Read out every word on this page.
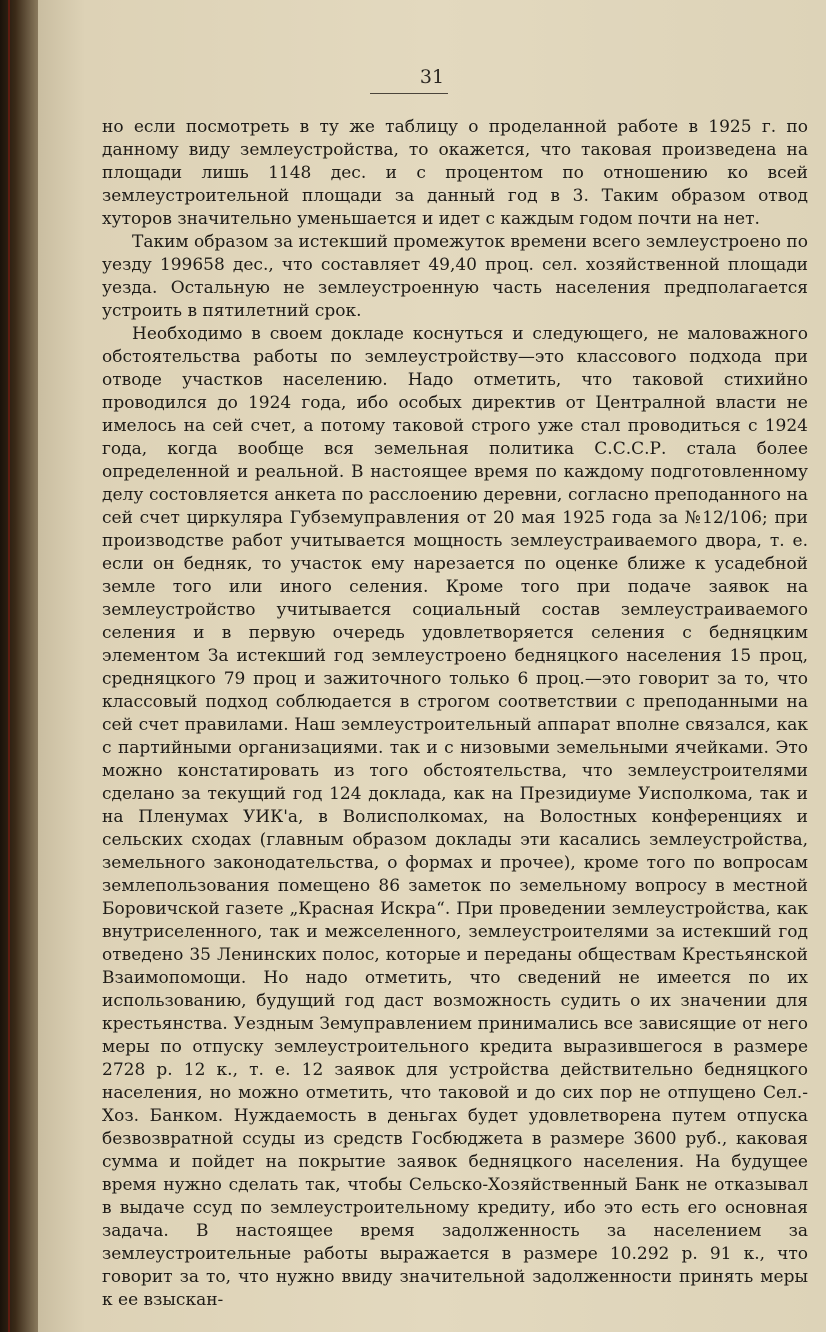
31

но если посмотреть в ту же таблицу о проделанной работе в 1925 г. по данному виду землеустройства, то окажется, что таковая произведена на площади лишь 1148 дес. и с процентом по отношению ко всей землеустроительной площади за данный год в 3. Таким образом отвод хуторов значительно уменьшается и идет с каждым годом почти на нет.

Таким образом за истекший промежуток времени всего землеустроено по уезду 199658 дес., что составляет 49,40 проц. сел. хозяйственной площади уезда. Остальную не землеустроенную часть населения предполагается устроить в пятилетний срок.

Необходимо в своем докладе коснуться и следующего, не маловажного обстоятельства работы по землеустройству—это классового подхода при отводе участков населению. Надо отметить, что таковой стихийно проводился до 1924 года, ибо особых директив от Централной власти не имелось на сей счет, а потому таковой строго уже стал проводиться с 1924 года, когда вообще вся земельная политика С.С.С.Р. стала более определенной и реальной. В настоящее время по каждому подготовленному делу состовляется анкета по расслоению деревни, согласно преподанного на сей счет циркуляра Губземуправления от 20 мая 1925 года за №12/106; при производстве работ учитывается мощность землеустраиваемого двора, т. е. если он бедняк, то участок ему нарезается по оценке ближе к усадебной земле того или иного селения. Кроме того при подаче заявок на землеустройство учитывается социальный состав землеустраиваемого селения и в первую очередь удовлетворяется селения с бедняцким элементом За истекший год землеустроено бедняцкого населения 15 проц, средняцкого 79 проц и зажиточного только 6 проц.—это говорит за то, что классовый подход соблюдается в строгом соответствии с преподанными на сей счет правилами. Наш землеустроительный аппарат вполне связался, как с партийными организациями. так и с низовыми земельными ячейками. Это можно констатировать из того обстоятельства, что землеустроителями сделано за текущий год 124 доклада, как на Президиуме Уисполкома, так и на Пленумах УИК'а, в Волисполкомах, на Волостных конференциях и сельских сходах (главным образом доклады эти касались землеустройства, земельного законодательства, о формах и прочее), кроме того по вопросам землепользования помещено 86 заметок по земельному вопросу в местной Боровичской газете „Красная Искра“. При проведении землеустройства, как внутриселенного, так и межселенного, землеустроителями за истекший год отведено 35 Ленинских полос, которые и переданы обществам Крестьянской Взаимопомощи. Но надо отметить, что сведений не имеется по их использованию, будущий год даст возможность судить о их значении для крестьянства. Уездным Земуправлением принимались все зависящие от него меры по отпуску землеустроительного кредита выразившегося в размере 2728 р. 12 к., т. е. 12 заявок для устройства действительно бедняцкого населения, но можно отметить, что таковой и до сих пор не отпущено Сел.-Хоз. Банком. Нуждаемость в деньгах будет удовлетворена путем отпуска безвозвратной ссуды из средств Госбюджета в размере 3600 руб., каковая сумма и пойдет на покрытие заявок бедняцкого населения. На будущее время нужно сделать так, чтобы Сельско-Хозяйственный Банк не отказывал в выдаче ссуд по землеустроительному кредиту, ибо это есть его основная задача. В настоящее время задолженность за населением за землеустроительные работы выражается в размере 10.292 р. 91 к., что говорит за то, что нужно ввиду значительной задолженности принять меры к ее взыскан-
